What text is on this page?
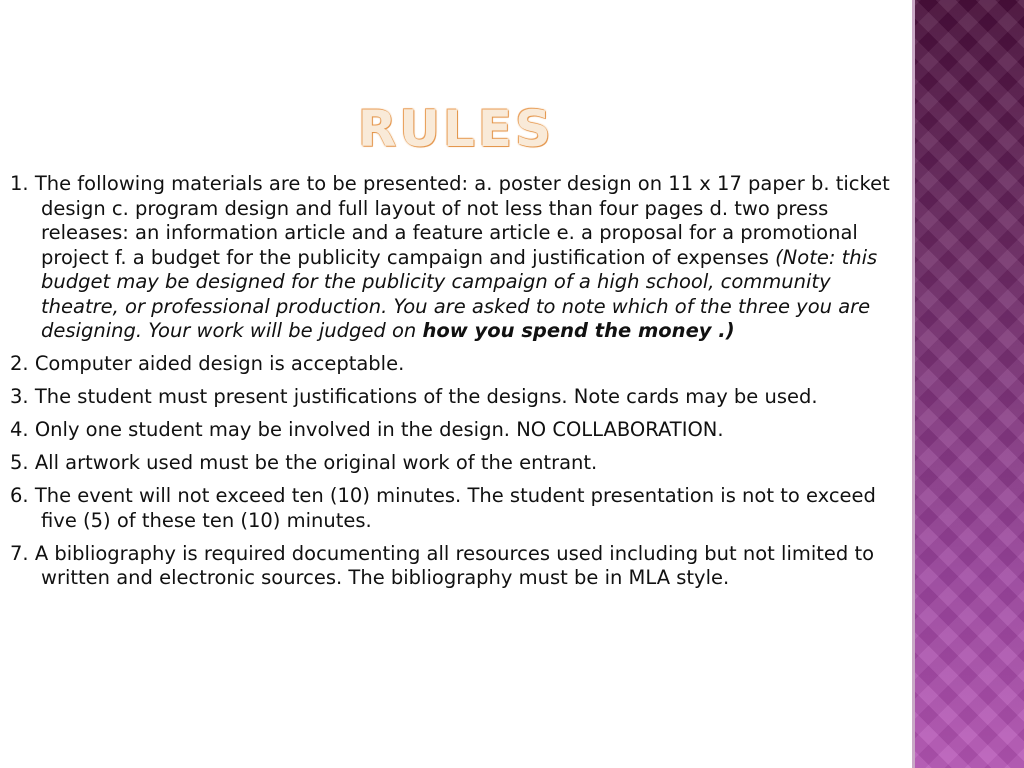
RULES
1. The following materials are to be presented: a. poster design on 11 x 17 paper b. ticket design c. program design and full layout of not less than four pages d. two press releases: an information article and a feature article e. a proposal for a promotional project f. a budget for the publicity campaign and justification of expenses (Note: this budget may be designed for the publicity campaign of a high school, community theatre, or professional production. You are asked to note which of the three you are designing. Your work will be judged on how you spend the money .)
2. Computer aided design is acceptable.
3. The student must present justifications of the designs. Note cards may be used.
4. Only one student may be involved in the design. NO COLLABORATION.
5. All artwork used must be the original work of the entrant.
6. The event will not exceed ten (10) minutes. The student presentation is not to exceed five (5) of these ten (10) minutes.
7. A bibliography is required documenting all resources used including but not limited to written and electronic sources. The bibliography must be in MLA style.
